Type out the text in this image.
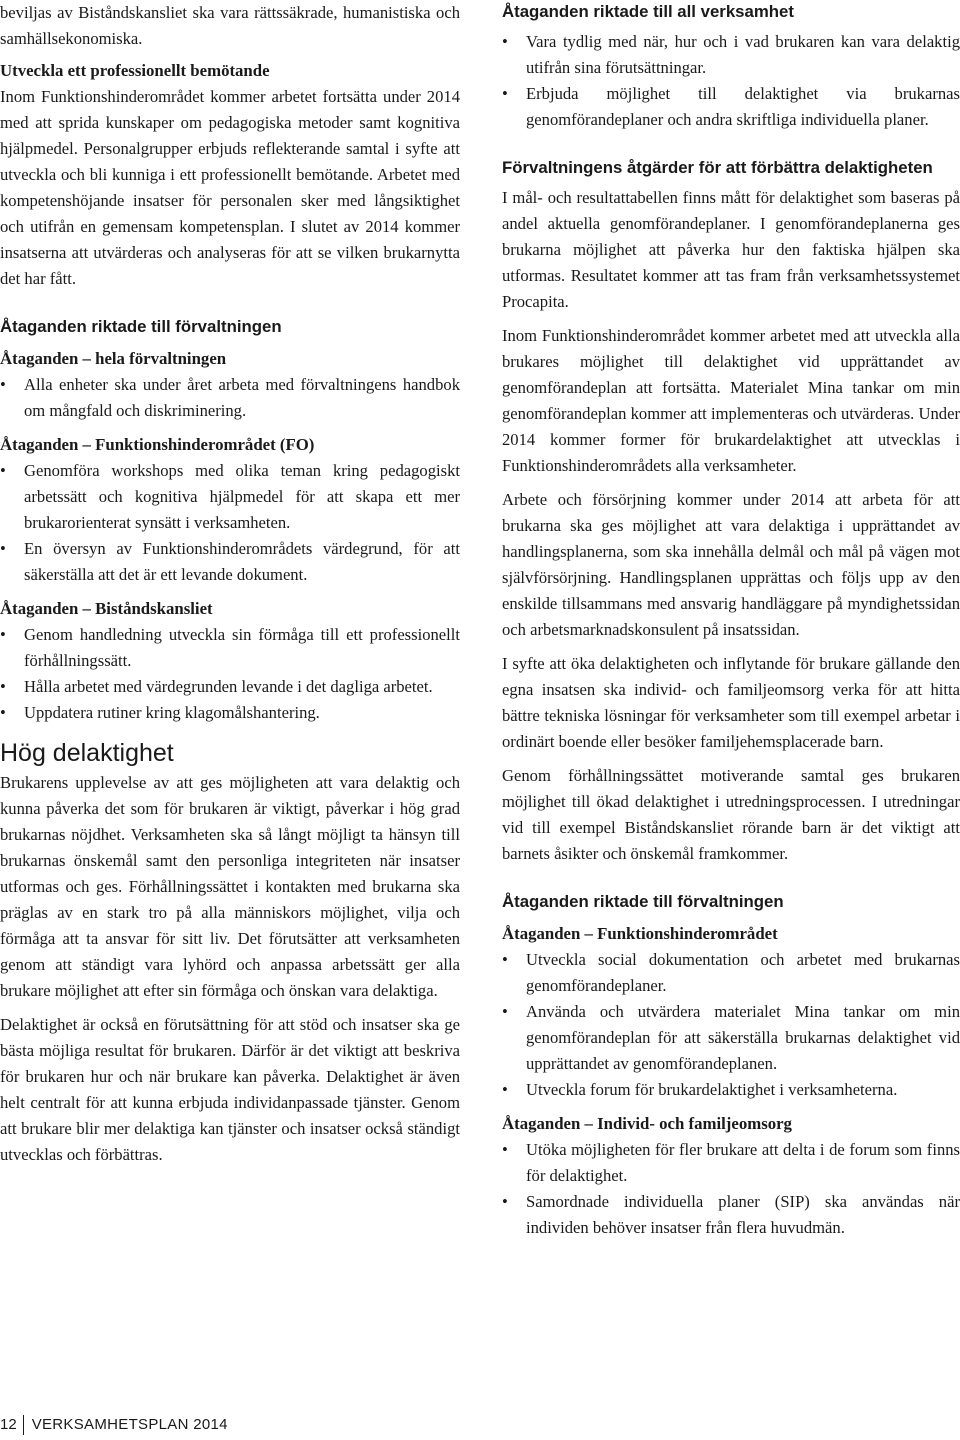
beviljas av Biståndskansliet ska vara rättssäkrade, humanistiska och samhällsekonomiska.

Utveckla ett professionellt bemötande

Inom Funktionshinderområdet kommer arbetet fortsätta under 2014 med att sprida kunskaper om pedagogiska metoder samt kognitiva hjälpmedel. Personalgrupper erbjuds reflekterande samtal i syfte att utveckla och bli kunniga i ett professionellt bemötande. Arbetet med kompetenshöjande insatser för personalen sker med långsiktighet och utifrån en gemensam kompetensplan. I slutet av 2014 kommer insatserna att utvärderas och analyseras för att se vilken brukarnytta det har fått.

Åtaganden riktade till förvaltningen

Åtaganden – hela förvaltningen

• Alla enheter ska under året arbeta med förvaltningens handbok om mångfald och diskriminering.

Åtaganden – Funktionshinderområdet (FO)

• Genomföra workshops med olika teman kring pedagogiskt arbetssätt och kognitiva hjälpmedel för att skapa ett mer brukarorienterat synsätt i verksamheten.
• En översyn av Funktionshinderområdets värdegrund, för att säkerställa att det är ett levande dokument.

Åtaganden – Biståndskansliet

• Genom handledning utveckla sin förmåga till ett professionellt förhållningssätt.
• Hålla arbetet med värdegrunden levande i det dagliga arbetet.
• Uppdatera rutiner kring klagomålshantering.

Hög delaktighet

Brukarens upplevelse av att ges möjligheten att vara delaktig och kunna påverka det som för brukaren är viktigt, påverkar i hög grad brukarnas nöjdhet. Verksamheten ska så långt möjligt ta hänsyn till brukarnas önskemål samt den personliga integriteten när insatser utformas och ges. Förhållningssättet i kontakten med brukarna ska präglas av en stark tro på alla människors möjlighet, vilja och förmåga att ta ansvar för sitt liv. Det förutsätter att verksamheten genom att ständigt vara lyhörd och anpassa arbetssätt ger alla brukare möjlighet att efter sin förmåga och önskan vara delaktiga.

Delaktighet är också en förutsättning för att stöd och insatser ska ge bästa möjliga resultat för brukaren. Därför är det viktigt att beskriva för brukaren hur och när brukare kan påverka. Delaktighet är även helt centralt för att kunna erbjuda individanpassade tjänster. Genom att brukare blir mer delaktiga kan tjänster och insatser också ständigt utvecklas och förbättras.

Åtaganden riktade till all verksamhet

• Vara tydlig med när, hur och i vad brukaren kan vara delaktig utifrån sina förutsättningar.
• Erbjuda möjlighet till delaktighet via brukarnas genomförandeplaner och andra skriftliga individuella planer.

Förvaltningens åtgärder för att förbättra delaktigheten

I mål- och resultattabellen finns mått för delaktighet som baseras på andel aktuella genomförandeplaner. I genomförandeplanerna ges brukarna möjlighet att påverka hur den faktiska hjälpen ska utformas. Resultatet kommer att tas fram från verksamhetssystemet Procapita.

Inom Funktionshinderområdet kommer arbetet med att utveckla alla brukares möjlighet till delaktighet vid upprättandet av genomförandeplan att fortsätta. Materialet Mina tankar om min genomförandeplan kommer att implementeras och utvärderas. Under 2014 kommer former för brukardelaktighet att utvecklas i Funktionshinderområdets alla verksamheter.

Arbete och försörjning kommer under 2014 att arbeta för att brukarna ska ges möjlighet att vara delaktiga i upprättandet av handlingsplanerna, som ska innehålla delmål och mål på vägen mot självförsörjning. Handlingsplanen upprättas och följs upp av den enskilde tillsammans med ansvarig handläggare på myndighetssidan och arbetsmarknadskonsulent på insatssidan.

I syfte att öka delaktigheten och inflytande för brukare gällande den egna insatsen ska individ- och familjeomsorg verka för att hitta bättre tekniska lösningar för verksamheter som till exempel arbetar i ordinärt boende eller besöker familjehemsplacerade barn.

Genom förhållningssättet motiverande samtal ges brukaren möjlighet till ökad delaktighet i utredningsprocessen. I utredningar vid till exempel Biståndskansliet rörande barn är det viktigt att barnets åsikter och önskemål framkommer.

Åtaganden riktade till förvaltningen

Åtaganden – Funktionshinderområdet

• Utveckla social dokumentation och arbetet med brukarnas genomförandeplaner.
• Använda och utvärdera materialet Mina tankar om min genomförandeplan för att säkerställa brukarnas delaktighet vid upprättandet av genomförandeplanen.
• Utveckla forum för brukardelaktighet i verksamheterna.

Åtaganden – Individ- och familjeomsorg

• Utöka möjligheten för fler brukare att delta i de forum som finns för delaktighet.
• Samordnade individuella planer (SIP) ska användas när individen behöver insatser från flera huvudmän.
12 VERKSAMHETSPLAN 2014
